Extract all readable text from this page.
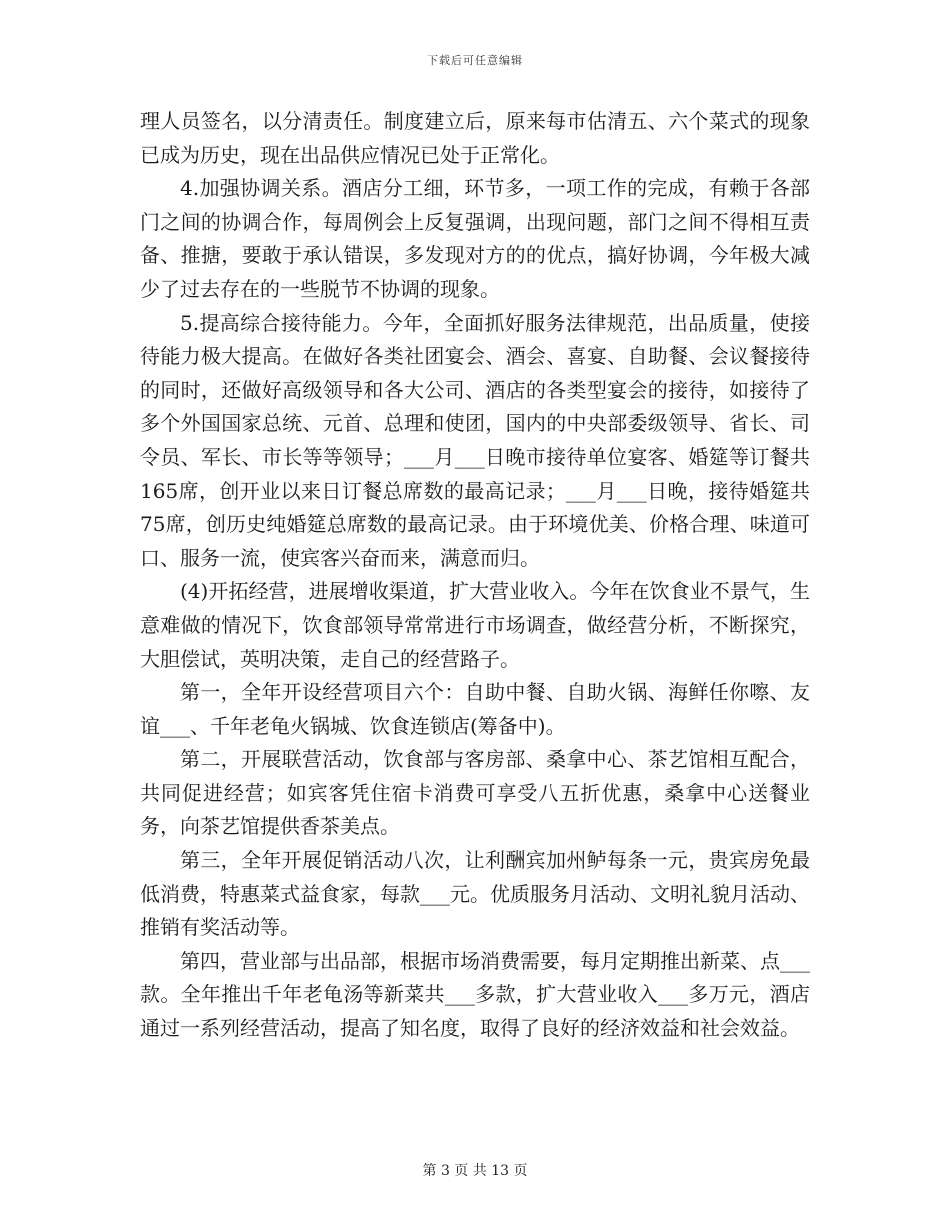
下载后可任意编辑

理人员签名，以分清责任。制度建立后，原来每市估清五、六个菜式的现象已成为历史，现在出品供应情况已处于正常化。

4.加强协调关系。酒店分工细，环节多，一项工作的完成，有赖于各部门之间的协调合作，每周例会上反复强调，出现问题，部门之间不得相互责备、推搪，要敢于承认错误，多发现对方的的优点，搞好协调，今年极大减少了过去存在的一些脱节不协调的现象。

5.提高综合接待能力。今年，全面抓好服务法律规范，出品质量，使接待能力极大提高。在做好各类社团宴会、酒会、喜宴、自助餐、会议餐接待的同时，还做好高级领导和各大公司、酒店的各类型宴会的接待，如接待了多个外国国家总统、元首、总理和使团，国内的中央部委级领导、省长、司令员、军长、市长等等领导；___月___日晚市接待单位宴客、婚筵等订餐共165席，创开业以来日订餐总席数的最高记录；___月___日晚，接待婚筵共75席，创历史纯婚筵总席数的最高记录。由于环境优美、价格合理、味道可口、服务一流，使宾客兴奋而来，满意而归。

(4)开拓经营，进展增收渠道，扩大营业收入。今年在饮食业不景气，生意难做的情况下，饮食部领导常常进行市场调查，做经营分析，不断探究，大胆偿试，英明决策，走自己的经营路子。

第一，全年开设经营项目六个：自助中餐、自助火锅、海鲜任你嚓、友谊___、千年老龟火锅城、饮食连锁店(筹备中)。

第二，开展联营活动，饮食部与客房部、桑拿中心、茶艺馆相互配合，共同促进经营；如宾客凭住宿卡消费可享受八五折优惠，桑拿中心送餐业务，向茶艺馆提供香茶美点。

第三，全年开展促销活动八次，让利酬宾加州鲈每条一元，贵宾房免最低消费，特惠菜式益食家，每款___元。优质服务月活动、文明礼貌月活动、推销有奖活动等。

第四，营业部与出品部，根据市场消费需要，每月定期推出新菜、点___款。全年推出千年老龟汤等新菜共___多款，扩大营业收入___多万元，酒店通过一系列经营活动，提高了知名度，取得了良好的经济效益和社会效益。

第 3 页 共 13 页
